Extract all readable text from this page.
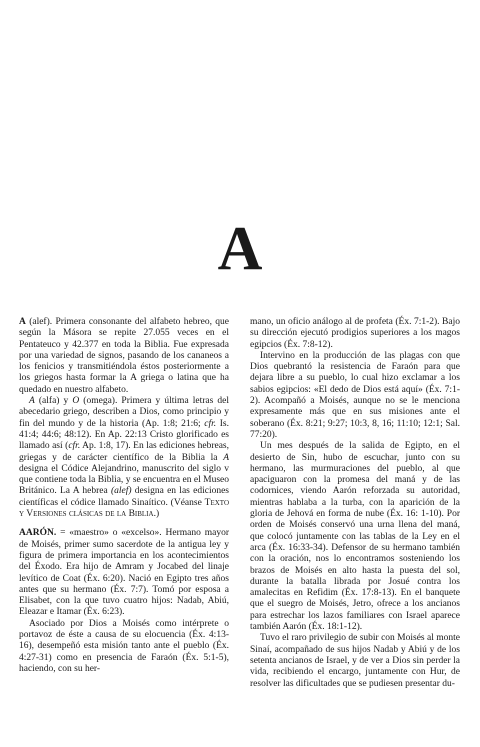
A

A (alef). Primera consonante del alfabeto hebreo, que según la Másora se repite 27.055 veces en el Pentateuco y 42.377 en toda la Biblia. Fue expresada por una variedad de signos, pasando de los cananeos a los fenicios y transmitiéndola éstos posteriormente a los griegos hasta formar la A griega o latina que ha quedado en nuestro alfabeto.

A (alfa) y O (omega). Primera y última letras del abecedario griego, describen a Dios, como principio y fin del mundo y de la historia (Ap. 1:8; 21:6; cfr. Is. 41:4; 44:6; 48:12). En Ap. 22:13 Cristo glorificado es llamado así (cfr. Ap. 1:8, 17). En las ediciones hebreas, griegas y de carácter científico de la Biblia la A designa el Códice Alejandrino, manuscrito del siglo v que contiene toda la Biblia, y se encuentra en el Museo Británico. La A hebrea (alef) designa en las ediciones científicas el códice llamado Sinaítico. (Véanse Texto y Versiones clásicas de la Biblia.)

AARÓN. = «maestro» o «excelso». Hermano mayor de Moisés, primer sumo sacerdote de la antigua ley y figura de primera importancia en los acontecimientos del Éxodo. Era hijo de Amram y Jocabed del linaje levítico de Coat (Éx. 6:20). Nació en Egipto tres años antes que su hermano (Éx. 7:7). Tomó por esposa a Elisabet, con la que tuvo cuatro hijos: Nadab, Abiú, Eleazar e Itamar (Éx. 6:23).

Asociado por Dios a Moisés como intérprete o portavoz de éste a causa de su elocuencia (Éx. 4:13-16), desempeñó esta misión tanto ante el pueblo (Éx. 4:27-31) como en presencia de Faraón (Éx. 5:1-5), haciendo, con su her-

mano, un oficio análogo al de profeta (Éx. 7:1-2). Bajo su dirección ejecutó prodigios superiores a los magos egipcios (Éx. 7:8-12).

Intervino en la producción de las plagas con que Dios quebrantó la resistencia de Faraón para que dejara libre a su pueblo, lo cual hizo exclamar a los sabios egipcios: «El dedo de Dios está aquí» (Éx. 7:1-2). Acompañó a Moisés, aunque no se le menciona expresamente más que en sus misiones ante el soberano (Éx. 8:21; 9:27; 10:3, 8, 16; 11:10; 12:1; Sal. 77:20).

Un mes después de la salida de Egipto, en el desierto de Sin, hubo de escuchar, junto con su hermano, las murmuraciones del pueblo, al que apaciguaron con la promesa del maná y de las codornices, viendo Aarón reforzada su autoridad, mientras hablaba a la turba, con la aparición de la gloria de Jehová en forma de nube (Éx. 16: 1-10). Por orden de Moisés conservó una urna llena del maná, que colocó juntamente con las tablas de la Ley en el arca (Éx. 16:33-34). Defensor de su hermano también con la oración, nos lo encontramos sosteniendo los brazos de Moisés en alto hasta la puesta del sol, durante la batalla librada por Josué contra los amalecitas en Refidim (Éx. 17:8-13). En el banquete que el suegro de Moisés, Jetro, ofrece a los ancianos para estrechar los lazos familiares con Israel aparece también Aarón (Éx. 18:1-12).

Tuvo el raro privilegio de subir con Moisés al monte Sinaí, acompañado de sus hijos Nadab y Abiú y de los setenta ancianos de Israel, y de ver a Dios sin perder la vida, recibiendo el encargo, juntamente con Hur, de resolver las dificultades que se pudiesen presentar du-
